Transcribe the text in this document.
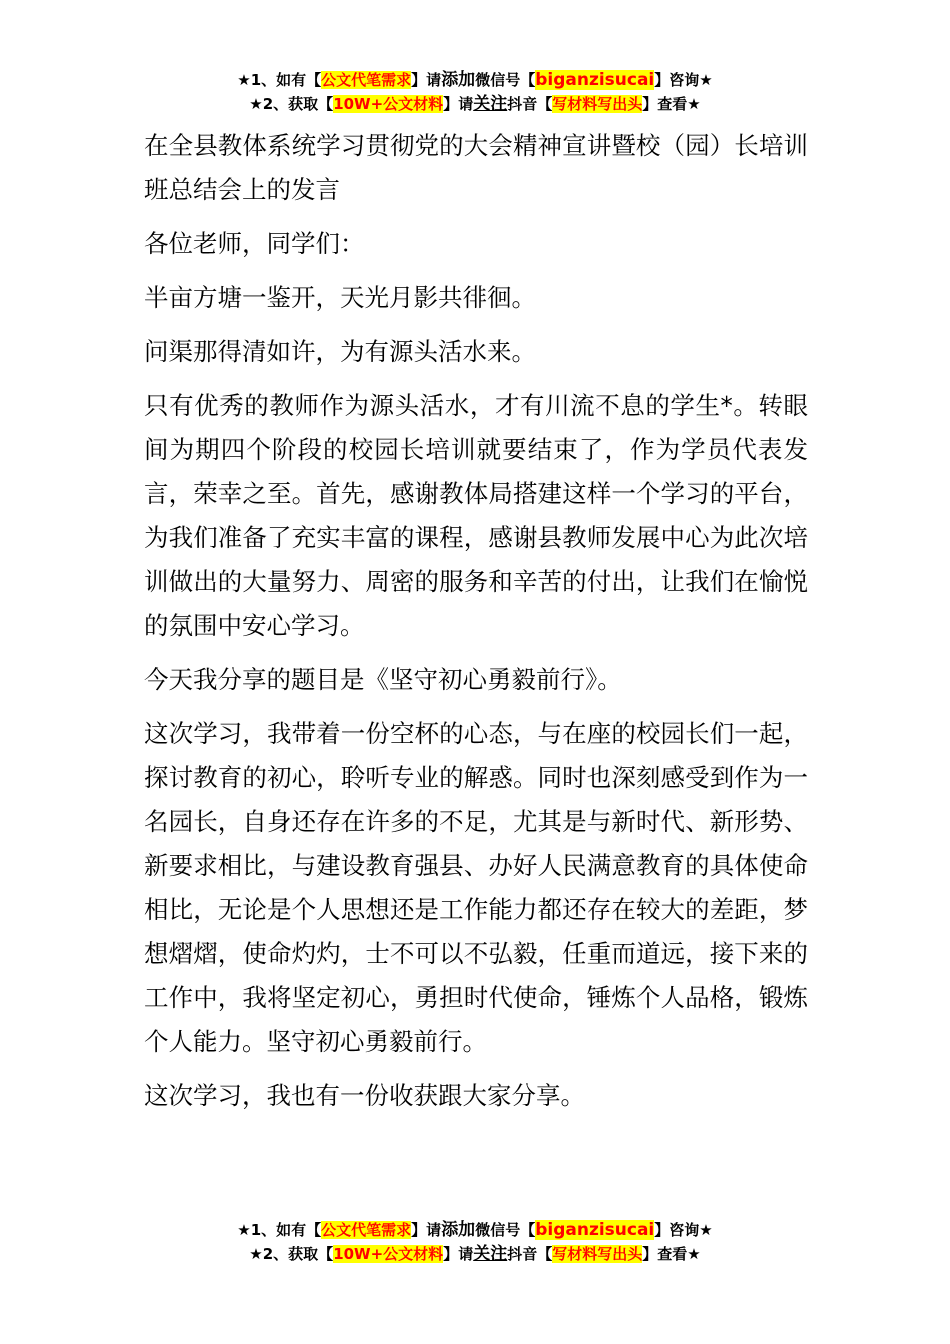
★1、如有【公文代笔需求】请添加微信号【biganzisucai】咨询★
★2、获取【10W+公文材料】请关注抖音【写材料写出头】查看★

在全县教体系统学习贯彻党的大会精神宣讲暨校（园）长培训班总结会上的发言

各位老师，同学们：

半亩方塘一鉴开，天光月影共徘徊。

问渠那得清如许，为有源头活水来。

只有优秀的教师作为源头活水，才有川流不息的学生*。转眼间为期四个阶段的校园长培训就要结束了，作为学员代表发言，荣幸之至。首先，感谢教体局搭建这样一个学习的平台，为我们准备了充实丰富的课程，感谢县教师发展中心为此次培训做出的大量努力、周密的服务和辛苦的付出，让我们在愉悦的氛围中安心学习。

今天我分享的题目是《坚守初心勇毅前行》。

这次学习，我带着一份空杯的心态，与在座的校园长们一起，探讨教育的初心，聆听专业的解惑。同时也深刻感受到作为一名园长，自身还存在许多的不足，尤其是与新时代、新形势、新要求相比，与建设教育强县、办好人民满意教育的具体使命相比，无论是个人思想还是工作能力都还存在较大的差距，梦想熠熠，使命灼灼，士不可以不弘毅，任重而道远，接下来的工作中，我将坚定初心，勇担时代使命，锤炼个人品格，锻炼个人能力。坚守初心勇毅前行。

这次学习，我也有一份收获跟大家分享。

★1、如有【公文代笔需求】请添加微信号【biganzisucai】咨询★
★2、获取【10W+公文材料】请关注抖音【写材料写出头】查看★
